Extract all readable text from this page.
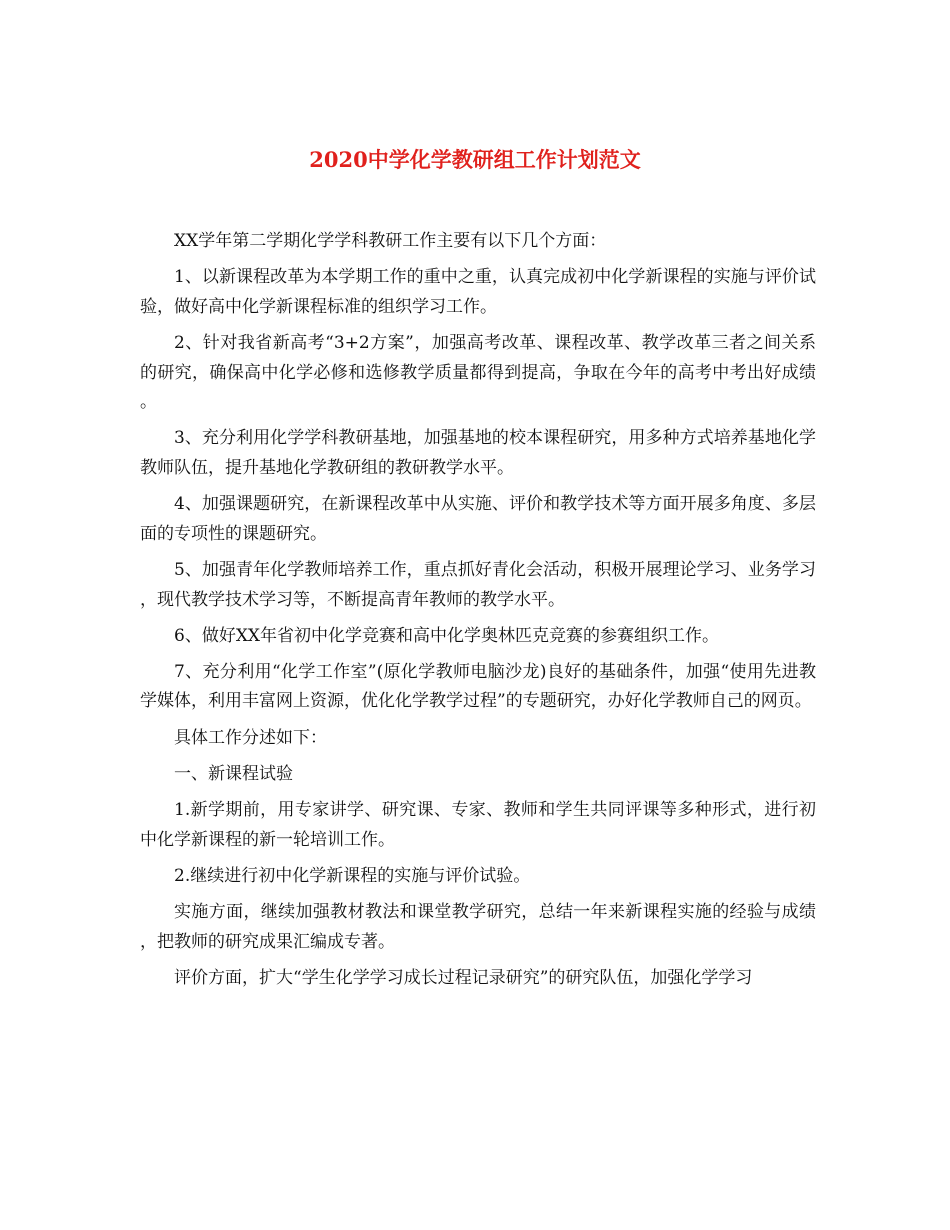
2020中学化学教研组工作计划范文

XX学年第二学期化学学科教研工作主要有以下几个方面：

1、以新课程改革为本学期工作的重中之重，认真完成初中化学新课程的实施与评价试验，做好高中化学新课程标准的组织学习工作。

2、针对我省新高考“3+2方案”，加强高考改革、课程改革、教学改革三者之间关系的研究，确保高中化学必修和选修教学质量都得到提高，争取在今年的高考中考出好成绩。

3、充分利用化学学科教研基地，加强基地的校本课程研究，用多种方式培养基地化学教师队伍，提升基地化学教研组的教研教学水平。

4、加强课题研究，在新课程改革中从实施、评价和教学技术等方面开展多角度、多层面的专项性的课题研究。

5、加强青年化学教师培养工作，重点抓好青化会活动，积极开展理论学习、业务学习，现代教学技术学习等，不断提高青年教师的教学水平。

6、做好XX年省初中化学竞赛和高中化学奥林匹克竞赛的参赛组织工作。

7、充分利用“化学工作室”(原化学教师电脑沙龙)良好的基础条件，加强“使用先进教学媒体，利用丰富网上资源，优化化学教学过程”的专题研究，办好化学教师自己的网页。

具体工作分述如下：

一、新课程试验

1.新学期前，用专家讲学、研究课、专家、教师和学生共同评课等多种形式，进行初中化学新课程的新一轮培训工作。

2.继续进行初中化学新课程的实施与评价试验。

实施方面，继续加强教材教法和课堂教学研究，总结一年来新课程实施的经验与成绩，把教师的研究成果汇编成专著。

评价方面，扩大“学生化学学习成长过程记录研究”的研究队伍，加强化学学习
